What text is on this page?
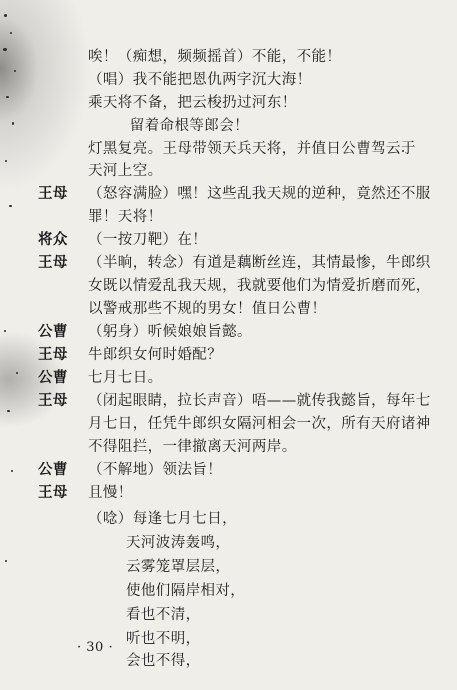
唉！（痴想，频频摇首）不能，不能！
（唱）我不能把恩仇两字沉大海！
乘天将不备，把云梭扔过河东！
　　留着命根等郎会！
灯黑复亮。王母带领天兵天将，并值日公曹驾云于
天河上空。
王母 （怒容满脸）嘿！这些乱我天规的逆种，竟然还不服
罪！天将！
将众 （一按刀靶）在！
王母 （半晌，转念）有道是藕断丝连，其情最惨，牛郎织
女既以情爱乱我天规，我就要他们为情爱折磨而死，
以警戒那些不规的男女！值日公曹！
公曹 （躬身）听候娘娘旨懿。
王母 牛郎织女何时婚配？
公曹 七月七日。
王母 （闭起眼睛，拉长声音）唔——就传我懿旨，每年七
月七日，任凭牛郎织女隔河相会一次，所有天府诸神
不得阻拦，一律撤离天河两岸。
公曹 （不解地）领法旨！
王母 且慢！
（唸）每逢七月七日，
天河波涛轰鸣，
云雾笼罩层层，
使他们隔岸相对，
看也不清，
听也不明，
会也不得，
· 30 ·
